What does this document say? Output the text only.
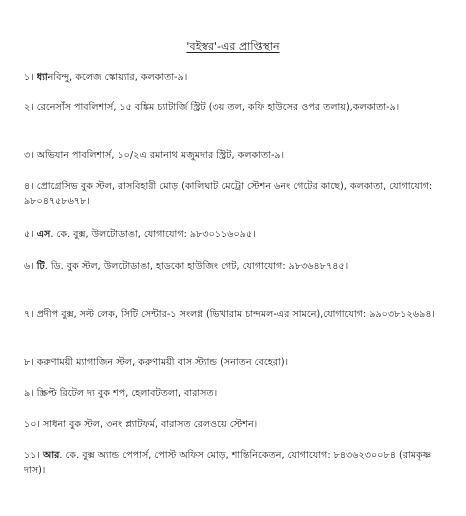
'বইস্বর'-এর প্রাপ্তিস্থান

১। ধ্যানবিন্দু, কলেজ স্কোয়্যার, কলকাতা-৯।

২। রেনেসাঁস পাবলিশার্স, ১৫ বঙ্কিম চ্যাটার্জি স্ট্রিট (৩য় তল, কফি হাউসের ওপর তলায়),কলকাতা-৯।

৩। অভিযান পাবলিশার্স, ১০/২এ রমানাথ মজুমদার স্ট্রিট, কলকাতা-৯।

৪। প্রোগ্রেসিভ বুক স্টল, রাসবিহারী মোড় (কালিঘাট মেট্রো স্টেশন ৬নং গেটের কাছে), কলকাতা, যোগাযোগ: ৯৮০৪৭৫৮৬৭৮।

৫। এস. কে. বুক্স, উলটোডাঙা, যোগাযোগ: ৯৮৩০১১৬০৯৫।

৬। টি. ডি. বুক স্টল, উলটোডাঙা, হাডকো হাউজিং গেট, যোগাযোগ: ৯৮৩৬৪৮৭৪৫।

৭। প্রদীপ বুক্স, সল্ট লেক, সিটি সেন্টার-১ সংলগ্ন (ভিখারাম চান্দমল-এর সামনে),যোগাযোগ: ৯৯০৩৮১২৬৯৪।

৮। করুণাময়ী ম্যাগাজিন স্টল, করুণাময়ী বাস স্ট্যান্ড (সনাতন বেহেরা)।

৯। স্ক্রিপ্ট রিটেল দ্য বুক শপ, হেলাবটতলা, বারাসত।

১০। সাধনা বুক স্টল, ৩নং প্ল্যাটফর্ম, বারাসত রেলওয়ে স্টেশন।

১১। আর. কে. বুক্স অ্যান্ড পেপার্স, পোস্ট অফিস মোড়, শান্তিনিকেতন, যোগাযোগ: ৮৪৩৬২৩০০৮৪ (রামকৃষ্ণ দাস)।
